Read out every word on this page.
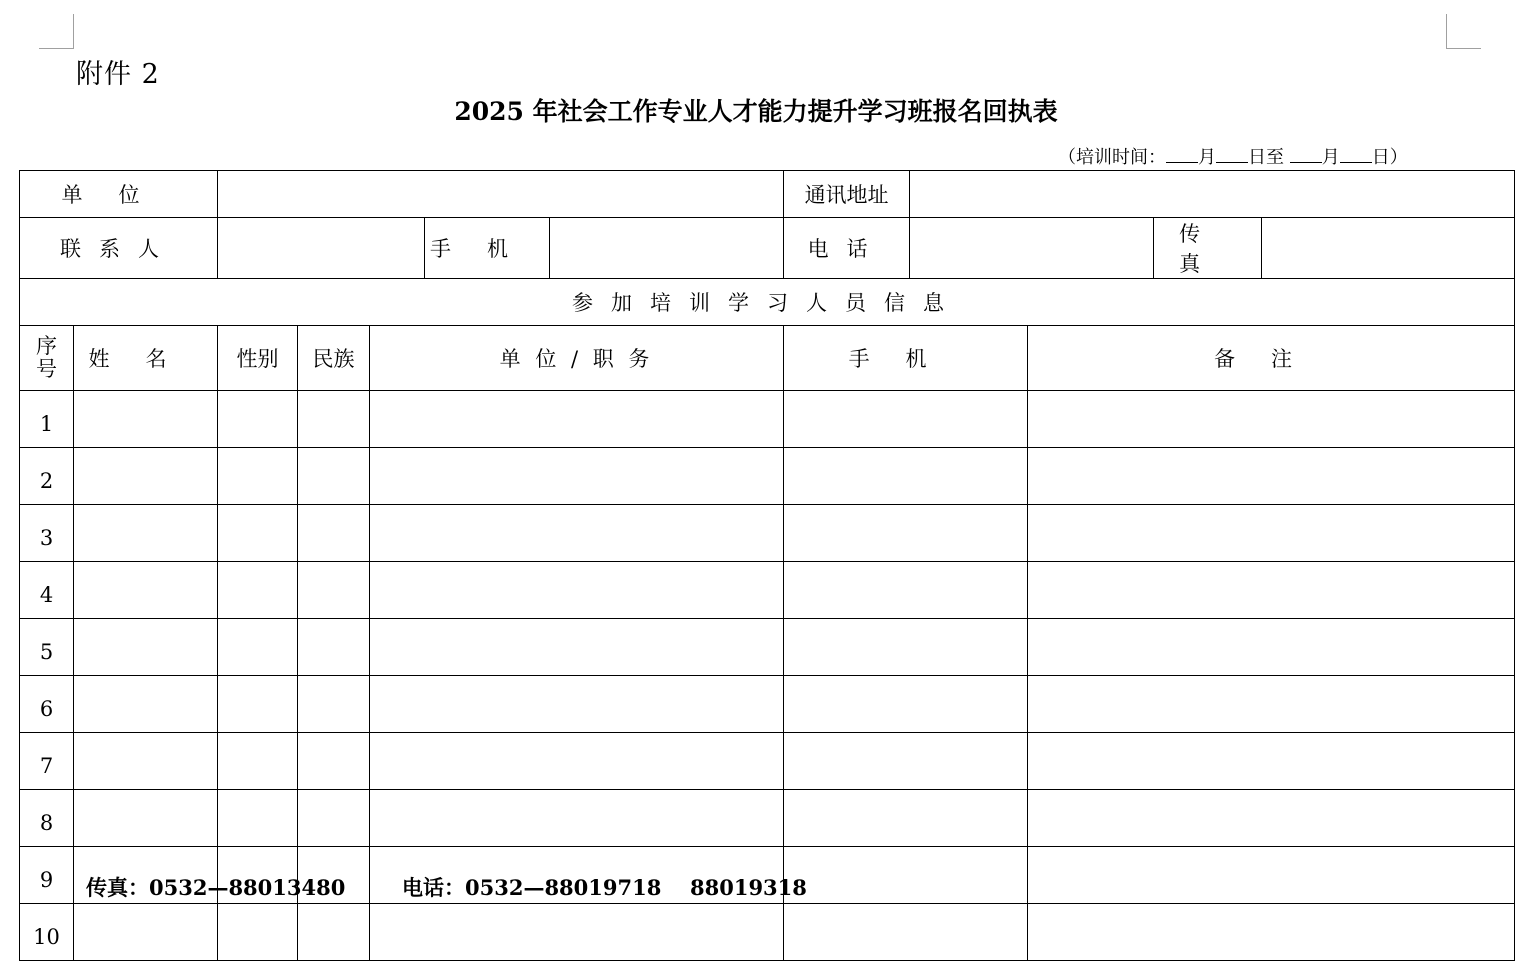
附件 2
2025 年社会工作专业人才能力提升学习班报名回执表
（培训时间： 月 日至 月 日）
单位							通讯地址				
联系人					手机		电话			传真	
参加培训学习人员信息											
序
号	姓名	性别	民族	单 位 / 职 务			手机		备注		
1											
2											
3											
4											
5											
6											
7											
8											
9											
10											
传真：0532—88013480	电话：0532—88019718 88019318
